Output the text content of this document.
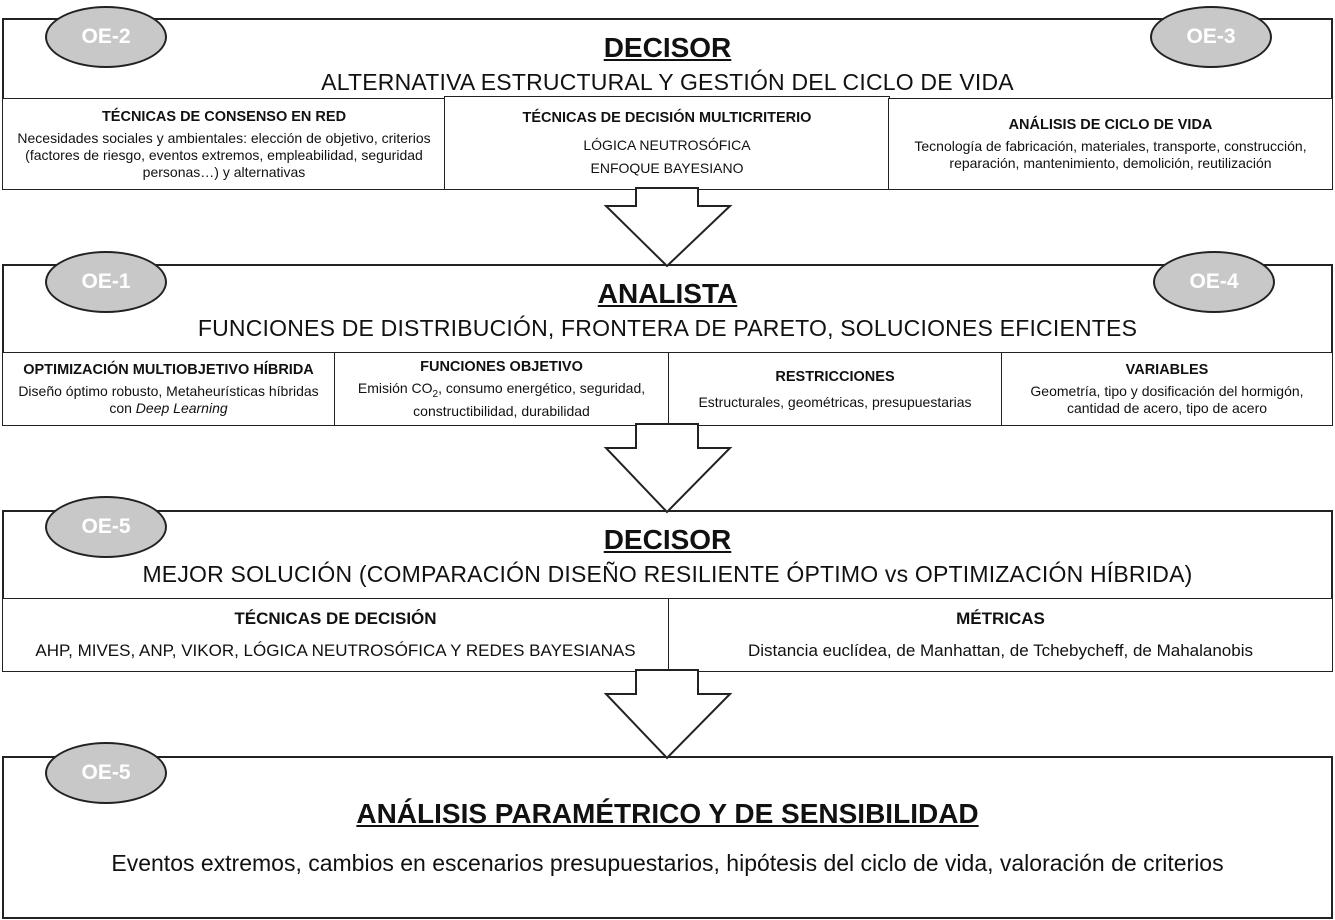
DECISOR
ALTERNATIVA ESTRUCTURAL Y GESTIÓN DEL CICLO DE VIDA
TÉCNICAS DE CONSENSO EN RED
Necesidades sociales y ambientales: elección de objetivo, criterios (factores de riesgo, eventos extremos, empleabilidad, seguridad personas…) y alternativas
TÉCNICAS DE DECISIÓN MULTICRITERIO
LÓGICA NEUTROSÓFICA
ENFOQUE BAYESIANO
ANÁLISIS DE CICLO DE VIDA
Tecnología de fabricación, materiales, transporte, construcción, reparación, mantenimiento, demolición, reutilización
ANALISTA
FUNCIONES DE DISTRIBUCIÓN, FRONTERA DE PARETO, SOLUCIONES EFICIENTES
OPTIMIZACIÓN MULTIOBJETIVO HÍBRIDA
Diseño óptimo robusto, Metaheurísticas híbridas con Deep Learning
FUNCIONES OBJETIVO
Emisión $CO_2$, consumo energético, seguridad, constructibilidad, durabilidad
RESTRICCIONES
Estructurales, geométricas, presupuestarias
VARIABLES
Geometría, tipo y dosificación del hormigón, cantidad de acero, tipo de acero
DECISOR
MEJOR SOLUCIÓN (COMPARACIÓN DISEÑO RESILIENTE ÓPTIMO vs OPTIMIZACIÓN HÍBRIDA)
TÉCNICAS DE DECISIÓN
AHP, MIVES, ANP, VIKOR, LÓGICA NEUTROSÓFICA Y REDES BAYESIANAS
MÉTRICAS
Distancia euclídea, de Manhattan, de Tchebycheff, de Mahalanobis
ANÁLISIS PARAMÉTRICO Y DE SENSIBILIDAD
Eventos extremos, cambios en escenarios presupuestarios, hipótesis del ciclo de vida, valoración de criterios
OE-2	OE-3
OE-1	OE-4
OE-5
OE-5
